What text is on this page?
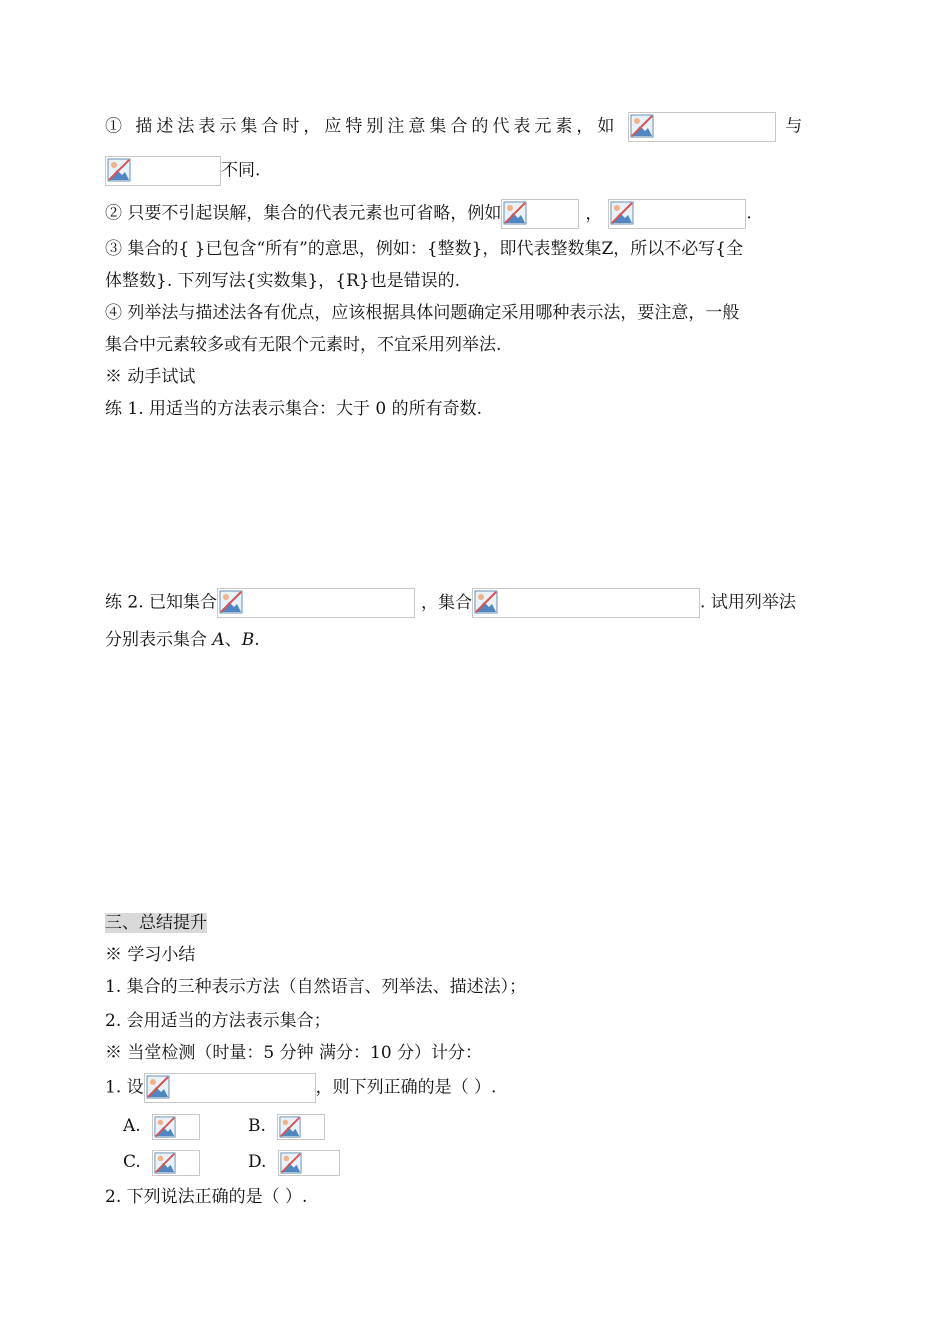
① 描述法表示集合时，应特别注意集合的代表元素，如	与
不同.
② 只要不引起误解，集合的代表元素也可省略，例如	，	.
③ 集合的{ }已包含“所有”的意思，例如：{整数}，即代表整数集Z，所以不必写{全
体整数}. 下列写法{实数集}，{R}也是错误的.
④ 列举法与描述法各有优点，应该根据具体问题确定采用哪种表示法，要注意，一般
集合中元素较多或有无限个元素时，不宜采用列举法.
※ 动手试试
练 1. 用适当的方法表示集合：大于 0 的所有奇数.
练 2. 已知集合	，集合	. 试用列举法
分别表示集合 A、B.
三、总结提升
※ 学习小结
1. 集合的三种表示方法（自然语言、列举法、描述法）；
2. 会用适当的方法表示集合；
※ 当堂检测（时量：5 分钟 满分：10 分）计分：
1. 设	，则下列正确的是（ ）.
A.	B.
C.	D.
2. 下列说法正确的是（ ）.
